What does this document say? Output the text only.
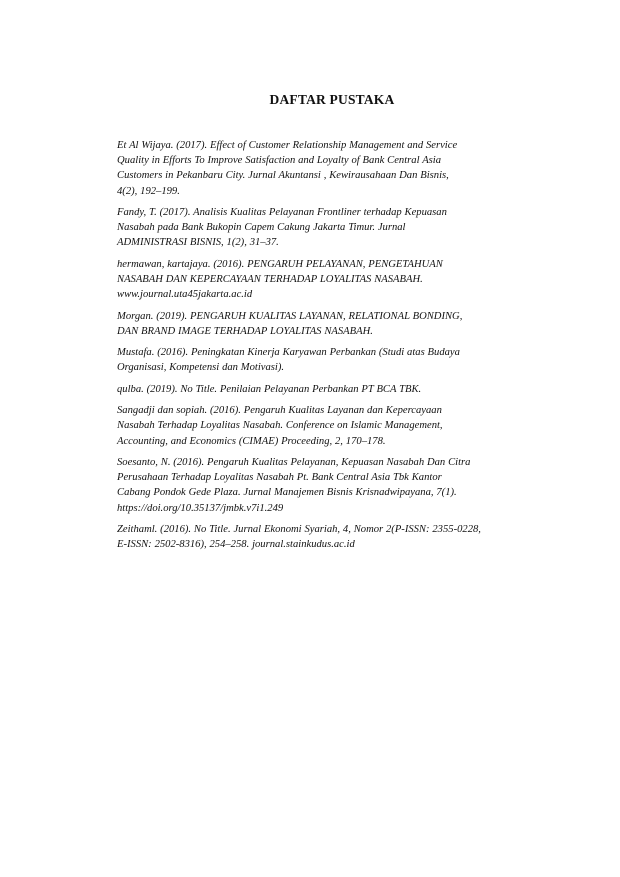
DAFTAR PUSTAKA
Et Al Wijaya. (2017). Effect of Customer Relationship Management and Service
Quality in Efforts To Improve Satisfaction and Loyalty of Bank Central Asia
Customers in Pekanbaru City. Jurnal Akuntansi , Kewirausahaan Dan Bisnis,
4(2), 192–199.
Fandy, T. (2017). Analisis Kualitas Pelayanan Frontliner terhadap Kepuasan
Nasabah pada Bank Bukopin Capem Cakung Jakarta Timur. Jurnal
ADMINISTRASI BISNIS, 1(2), 31–37.
hermawan, kartajaya. (2016). PENGARUH PELAYANAN, PENGETAHUAN
NASABAH DAN KEPERCAYAAN TERHADAP LOYALITAS NASABAH.
www.journal.uta45jakarta.ac.id
Morgan. (2019). PENGARUH KUALITAS LAYANAN, RELATIONAL BONDING,
DAN BRAND IMAGE TERHADAP LOYALITAS NASABAH.
Mustafa. (2016). Peningkatan Kinerja Karyawan Perbankan (Studi atas Budaya
Organisasi, Kompetensi dan Motivasi).
qulba. (2019). No Title. Penilaian Pelayanan Perbankan PT BCA TBK.
Sangadji dan sopiah. (2016). Pengaruh Kualitas Layanan dan Kepercayaan
Nasabah Terhadap Loyalitas Nasabah. Conference on Islamic Management,
Accounting, and Economics (CIMAE) Proceeding, 2, 170–178.
Soesanto, N. (2016). Pengaruh Kualitas Pelayanan, Kepuasan Nasabah Dan Citra
Perusahaan Terhadap Loyalitas Nasabah Pt. Bank Central Asia Tbk Kantor
Cabang Pondok Gede Plaza. Jurnal Manajemen Bisnis Krisnadwipayana, 7(1).
https://doi.org/10.35137/jmbk.v7i1.249
Zeithaml. (2016). No Title. Jurnal Ekonomi Syariah, 4, Nomor 2(P-ISSN: 2355-0228,
E-ISSN: 2502-8316), 254–258. journal.stainkudus.ac.id
